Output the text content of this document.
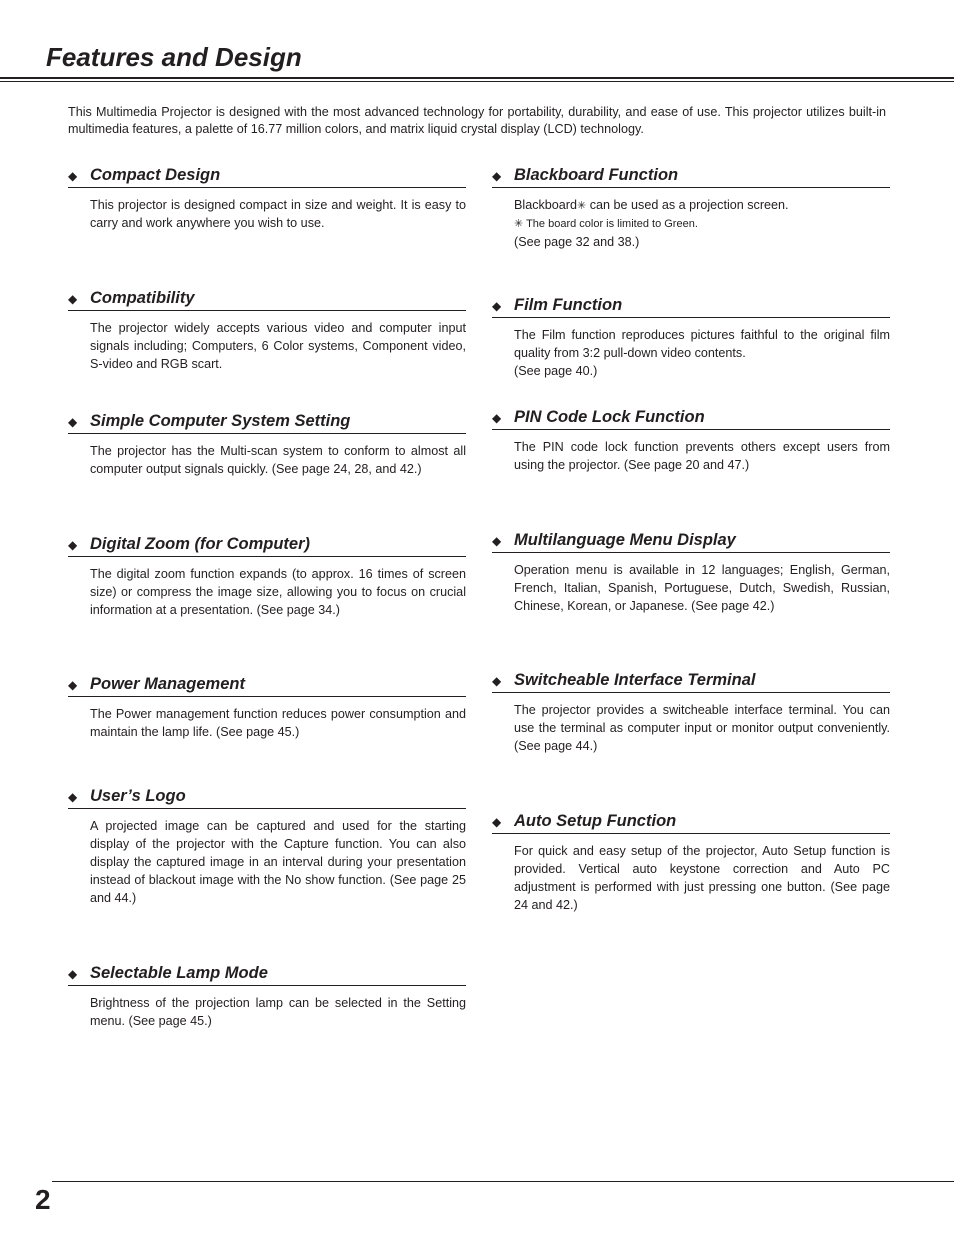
Features and Design

This Multimedia Projector is designed with the most advanced technology for portability, durability, and ease of use. This projector utilizes built-in multimedia features, a palette of 16.77 million colors, and matrix liquid crystal display (LCD) technology.

◆ Compact Design

This projector is designed compact in size and weight. It is easy to carry and work anywhere you wish to use.

◆ Compatibility

The projector widely accepts various video and computer input signals including; Computers, 6 Color systems, Component video, S-video and RGB scart.

◆ Simple Computer System Setting

The projector has the Multi-scan system to conform to almost all computer output signals quickly. (See page 24, 28, and 42.)

◆ Digital Zoom (for Computer)

The digital zoom function expands (to approx. 16 times of screen size) or compress the image size, allowing you to focus on crucial information at a presentation. (See page 34.)

◆ Power Management

The Power management function reduces power consumption and maintain the lamp life. (See page 45.)

◆ User’s Logo

A projected image can be captured and used for the starting display of the projector with the Capture function. You can also display the captured image in an interval during your presentation instead of blackout image with the No show function. (See page 25 and 44.)

◆ Selectable Lamp Mode

Brightness of the projection lamp can be selected in the Setting menu. (See page 45.)

◆ Blackboard Function

Blackboard✳ can be used as a projection screen.

✳ The board color is limited to Green.

(See page 32 and 38.)

◆ Film Function

The Film function reproduces pictures faithful to the original film quality from 3:2 pull-down video contents.

(See page 40.)

◆ PIN Code Lock Function

The PIN code lock function prevents others except users from using the projector. (See page 20 and 47.)

◆ Multilanguage Menu Display

Operation menu is available in 12 languages; English, German, French, Italian, Spanish, Portuguese, Dutch, Swedish, Russian, Chinese, Korean, or Japanese. (See page 42.)

◆ Switcheable Interface Terminal

The projector provides a switcheable interface terminal. You can use the terminal as computer input or monitor output conveniently. (See page 44.)

◆ Auto Setup Function

For quick and easy setup of the projector, Auto Setup function is provided. Vertical auto keystone correction and Auto PC adjustment is performed with just pressing one button. (See page 24 and 42.)

2
